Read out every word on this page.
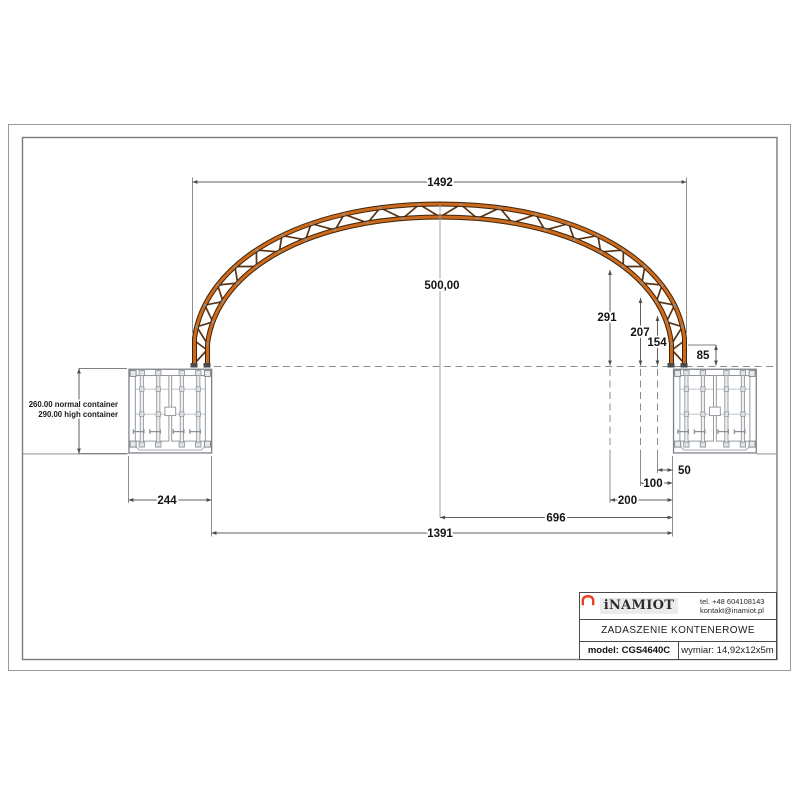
1492
500,00
291
207
154
85
50
100
200
696
1391
244
260.00 normal container
290.00 high container
iNAMIOT	tel. +48 604108143
kontakt@inamiot.pl
ZADASZENIE KONTENEROWE
model: CGS4640C	wymiar: 14,92x12x5m
